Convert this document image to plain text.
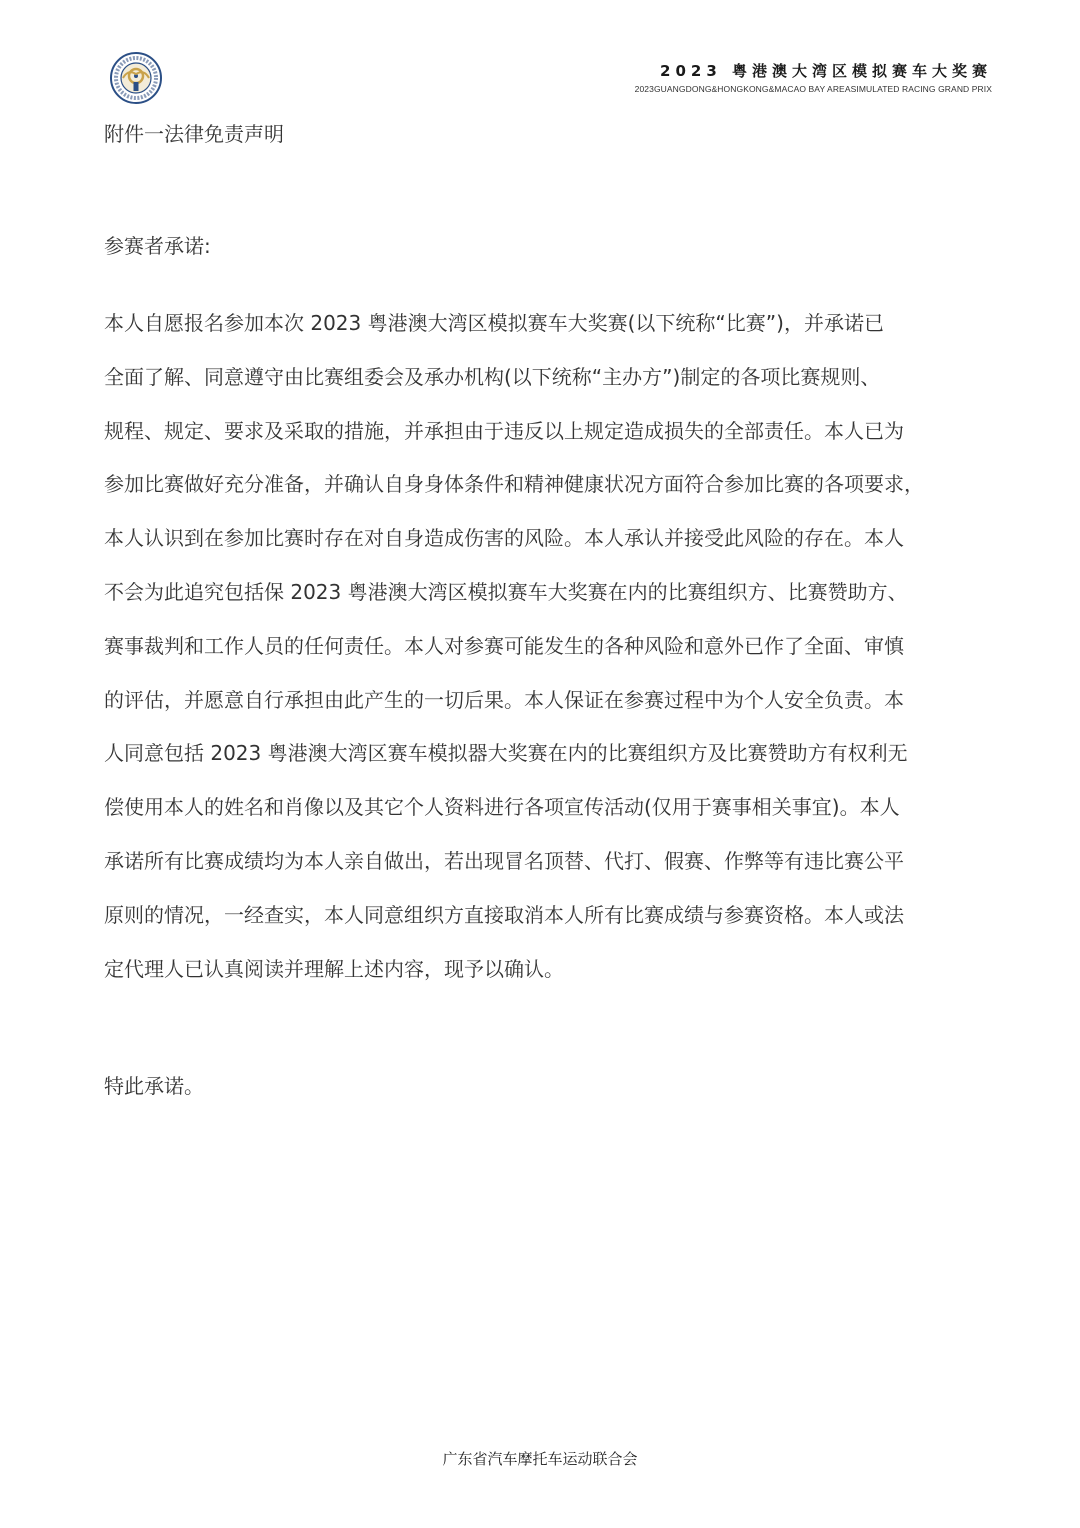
2023 粤港澳大湾区模拟赛车大奖赛
2023GUANGDONG&HONGKONG&MACAO BAY AREASIMULATED RACING GRAND PRIX
附件一法律免责声明
参赛者承诺:
本人自愿报名参加本次 2023 粤港澳大湾区模拟赛车大奖赛(以下统称“比赛”)，并承诺已
全面了解、同意遵守由比赛组委会及承办机构(以下统称“主办方”)制定的各项比赛规则、
规程、规定、要求及采取的措施，并承担由于违反以上规定造成损失的全部责任。本人已为
参加比赛做好充分准备，并确认自身身体条件和精神健康状况方面符合参加比赛的各项要求，
本人认识到在参加比赛时存在对自身造成伤害的风险。本人承认并接受此风险的存在。本人
不会为此追究包括保 2023 粤港澳大湾区模拟赛车大奖赛在内的比赛组织方、比赛赞助方、
赛事裁判和工作人员的任何责任。本人对参赛可能发生的各种风险和意外已作了全面、审慎
的评估，并愿意自行承担由此产生的一切后果。本人保证在参赛过程中为个人安全负责。本
人同意包括 2023 粤港澳大湾区赛车模拟器大奖赛在内的比赛组织方及比赛赞助方有权利无
偿使用本人的姓名和肖像以及其它个人资料进行各项宣传活动(仅用于赛事相关事宜)。本人
承诺所有比赛成绩均为本人亲自做出，若出现冒名顶替、代打、假赛、作弊等有违比赛公平
原则的情况，一经查实，本人同意组织方直接取消本人所有比赛成绩与参赛资格。本人或法
定代理人已认真阅读并理解上述内容，现予以确认。
特此承诺。
广东省汽车摩托车运动联合会
